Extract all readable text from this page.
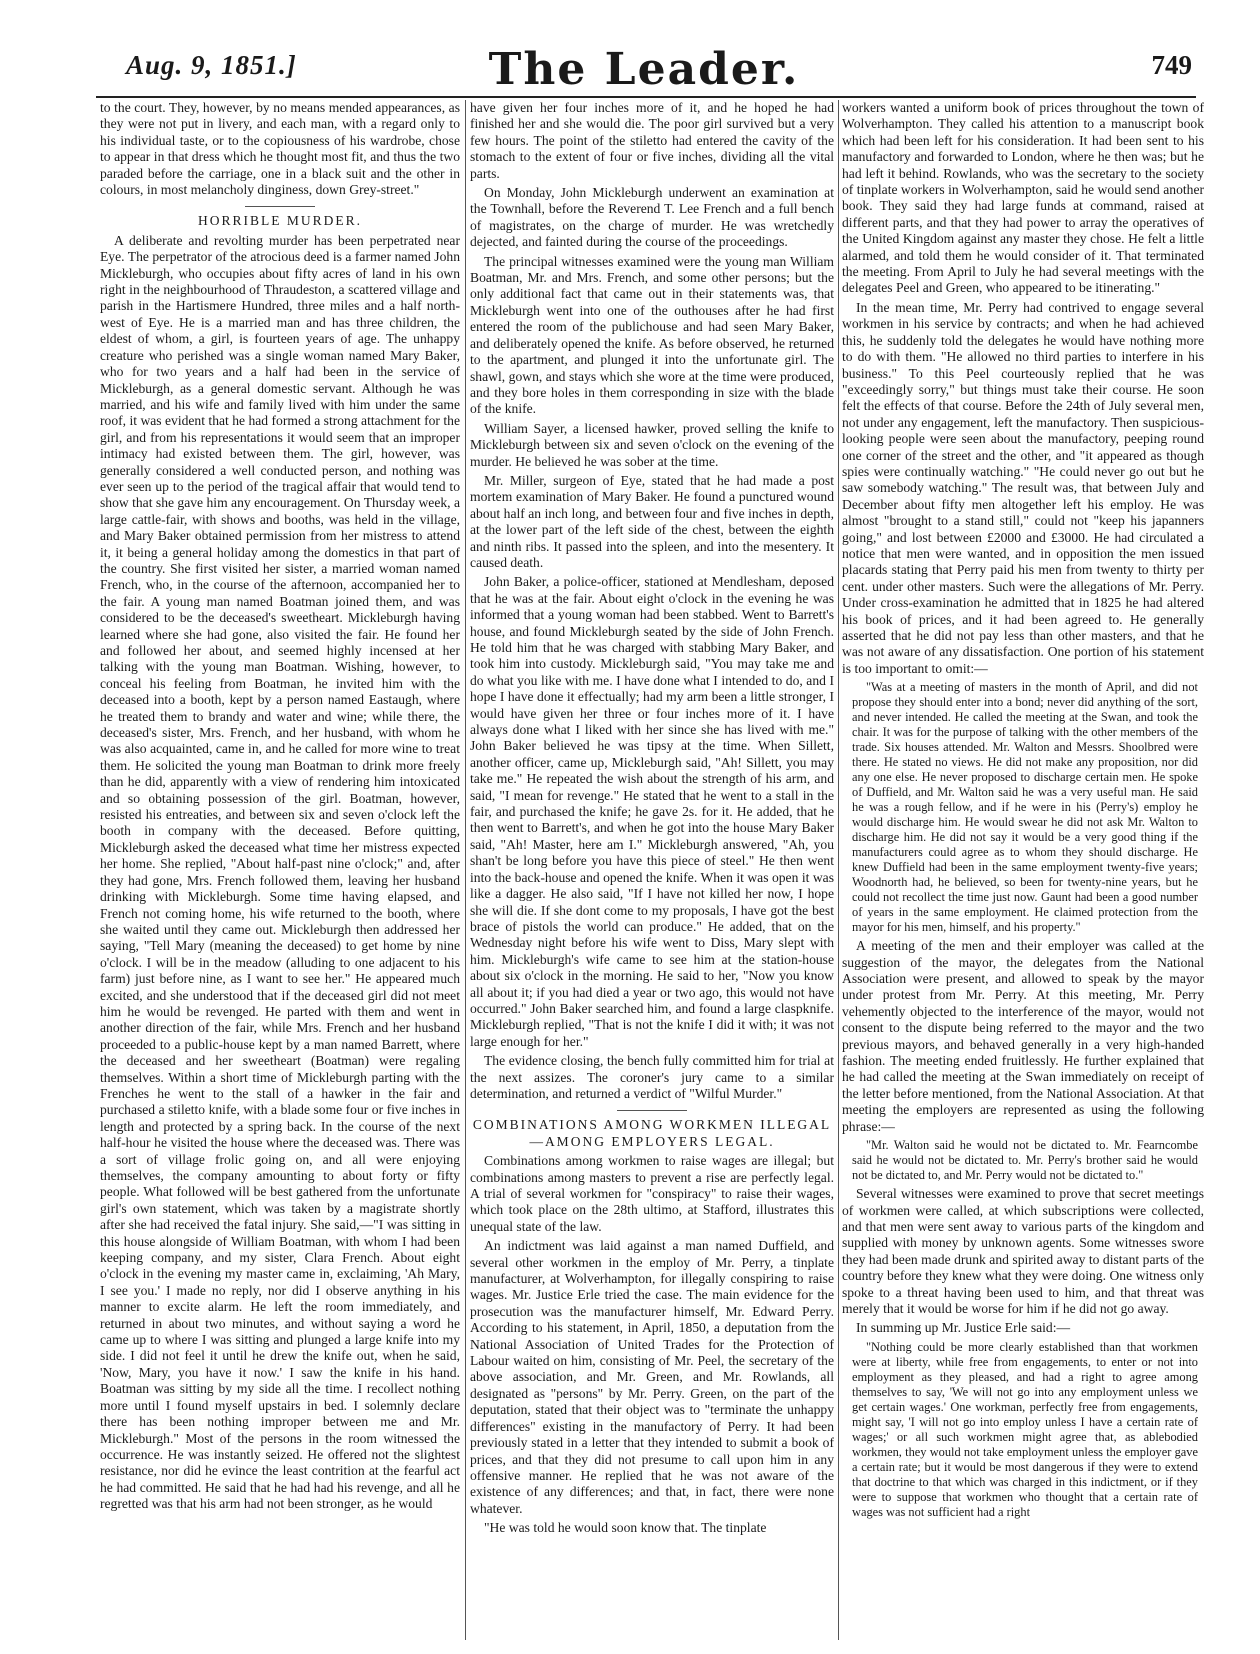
Aug. 9, 1851.]	The Leader.	749

to the court. They, however, by no means mended appearances, as they were not put in livery, and each man, with a regard only to his individual taste, or to the copiousness of his wardrobe, chose to appear in that dress which he thought most fit, and thus the two paraded before the carriage, one in a black suit and the other in colours, in most melancholy dinginess, down Grey-street."

HORRIBLE MURDER.

A deliberate and revolting murder has been perpetrated near Eye. The perpetrator of the atrocious deed is a farmer named John Mickleburgh, who occupies about fifty acres of land in his own right in the neighbourhood of Thraudeston, a scattered village and parish in the Hartismere Hundred, three miles and a half north-west of Eye. He is a married man and has three children, the eldest of whom, a girl, is fourteen years of age. The unhappy creature who perished was a single woman named Mary Baker, who for two years and a half had been in the service of Mickleburgh, as a general domestic servant. Although he was married, and his wife and family lived with him under the same roof, it was evident that he had formed a strong attachment for the girl, and from his representations it would seem that an improper intimacy had existed between them. The girl, however, was generally considered a well conducted person, and nothing was ever seen up to the period of the tragical affair that would tend to show that she gave him any encouragement. On Thursday week, a large cattle-fair, with shows and booths, was held in the village, and Mary Baker obtained permission from her mistress to attend it, it being a general holiday among the domestics in that part of the country. She first visited her sister, a married woman named French, who, in the course of the afternoon, accompanied her to the fair. A young man named Boatman joined them, and was considered to be the deceased's sweetheart. Mickleburgh having learned where she had gone, also visited the fair. He found her and followed her about, and seemed highly incensed at her talking with the young man Boatman. Wishing, however, to conceal his feeling from Boatman, he invited him with the deceased into a booth, kept by a person named Eastaugh, where he treated them to brandy and water and wine; while there, the deceased's sister, Mrs. French, and her husband, with whom he was also acquainted, came in, and he called for more wine to treat them. He solicited the young man Boatman to drink more freely than he did, apparently with a view of rendering him intoxicated and so obtaining possession of the girl. Boatman, however, resisted his entreaties, and between six and seven o'clock left the booth in company with the deceased. Before quitting, Mickleburgh asked the deceased what time her mistress expected her home. She replied, "About half-past nine o'clock;" and, after they had gone, Mrs. French followed them, leaving her husband drinking with Mickleburgh. Some time having elapsed, and French not coming home, his wife returned to the booth, where she waited until they came out. Mickleburgh then addressed her saying, "Tell Mary (meaning the deceased) to get home by nine o'clock. I will be in the meadow (alluding to one adjacent to his farm) just before nine, as I want to see her." He appeared much excited, and she understood that if the deceased girl did not meet him he would be revenged. He parted with them and went in another direction of the fair, while Mrs. French and her husband proceeded to a public-house kept by a man named Barrett, where the deceased and her sweetheart (Boatman) were regaling themselves. Within a short time of Mickleburgh parting with the Frenches he went to the stall of a hawker in the fair and purchased a stiletto knife, with a blade some four or five inches in length and protected by a spring back. In the course of the next half-hour he visited the house where the deceased was. There was a sort of village frolic going on, and all were enjoying themselves, the company amounting to about forty or fifty people. What followed will be best gathered from the unfortunate girl's own statement, which was taken by a magistrate shortly after she had received the fatal injury. She said,—"I was sitting in this house alongside of William Boatman, with whom I had been keeping company, and my sister, Clara French. About eight o'clock in the evening my master came in, exclaiming, 'Ah Mary, I see you.' I made no reply, nor did I observe anything in his manner to excite alarm. He left the room immediately, and returned in about two minutes, and without saying a word he came up to where I was sitting and plunged a large knife into my side. I did not feel it until he drew the knife out, when he said, 'Now, Mary, you have it now.' I saw the knife in his hand. Boatman was sitting by my side all the time. I recollect nothing more until I found myself upstairs in bed. I solemnly declare there has been nothing improper between me and Mr. Mickleburgh." Most of the persons in the room witnessed the occurrence. He was instantly seized. He offered not the slightest resistance, nor did he evince the least contrition at the fearful act he had committed. He said that he had had his revenge, and all he regretted was that his arm had not been stronger, as he would

have given her four inches more of it, and he hoped he had finished her and she would die. The poor girl survived but a very few hours. The point of the stiletto had entered the cavity of the stomach to the extent of four or five inches, dividing all the vital parts.

On Monday, John Mickleburgh underwent an examination at the Townhall, before the Reverend T. Lee French and a full bench of magistrates, on the charge of murder. He was wretchedly dejected, and fainted during the course of the proceedings.

The principal witnesses examined were the young man William Boatman, Mr. and Mrs. French, and some other persons; but the only additional fact that came out in their statements was, that Mickleburgh went into one of the outhouses after he had first entered the room of the publichouse and had seen Mary Baker, and deliberately opened the knife. As before observed, he returned to the apartment, and plunged it into the unfortunate girl. The shawl, gown, and stays which she wore at the time were produced, and they bore holes in them corresponding in size with the blade of the knife.

William Sayer, a licensed hawker, proved selling the knife to Mickleburgh between six and seven o'clock on the evening of the murder. He believed he was sober at the time.

Mr. Miller, surgeon of Eye, stated that he had made a post mortem examination of Mary Baker. He found a punctured wound about half an inch long, and between four and five inches in depth, at the lower part of the left side of the chest, between the eighth and ninth ribs. It passed into the spleen, and into the mesentery. It caused death.

John Baker, a police-officer, stationed at Mendlesham, deposed that he was at the fair. About eight o'clock in the evening he was informed that a young woman had been stabbed. Went to Barrett's house, and found Mickleburgh seated by the side of John French. He told him that he was charged with stabbing Mary Baker, and took him into custody. Mickleburgh said, "You may take me and do what you like with me. I have done what I intended to do, and I hope I have done it effectually; had my arm been a little stronger, I would have given her three or four inches more of it. I have always done what I liked with her since she has lived with me." John Baker believed he was tipsy at the time. When Sillett, another officer, came up, Mickleburgh said, "Ah! Sillett, you may take me." He repeated the wish about the strength of his arm, and said, "I mean for revenge." He stated that he went to a stall in the fair, and purchased the knife; he gave 2s. for it. He added, that he then went to Barrett's, and when he got into the house Mary Baker said, "Ah! Master, here am I." Mickleburgh answered, "Ah, you shan't be long before you have this piece of steel." He then went into the back-house and opened the knife. When it was open it was like a dagger. He also said, "If I have not killed her now, I hope she will die. If she dont come to my proposals, I have got the best brace of pistols the world can produce." He added, that on the Wednesday night before his wife went to Diss, Mary slept with him. Mickleburgh's wife came to see him at the station-house about six o'clock in the morning. He said to her, "Now you know all about it; if you had died a year or two ago, this would not have occurred." John Baker searched him, and found a large claspknife. Mickleburgh replied, "That is not the knife I did it with; it was not large enough for her."

The evidence closing, the bench fully committed him for trial at the next assizes. The coroner's jury came to a similar determination, and returned a verdict of "Wilful Murder."

COMBINATIONS AMONG WORKMEN ILLEGAL —AMONG EMPLOYERS LEGAL.

Combinations among workmen to raise wages are illegal; but combinations among masters to prevent a rise are perfectly legal. A trial of several workmen for "conspiracy" to raise their wages, which took place on the 28th ultimo, at Stafford, illustrates this unequal state of the law.

An indictment was laid against a man named Duffield, and several other workmen in the employ of Mr. Perry, a tinplate manufacturer, at Wolverhampton, for illegally conspiring to raise wages. Mr. Justice Erle tried the case. The main evidence for the prosecution was the manufacturer himself, Mr. Edward Perry. According to his statement, in April, 1850, a deputation from the National Association of United Trades for the Protection of Labour waited on him, consisting of Mr. Peel, the secretary of the above association, and Mr. Green, and Mr. Rowlands, all designated as "persons" by Mr. Perry. Green, on the part of the deputation, stated that their object was to "terminate the unhappy differences" existing in the manufactory of Perry. It had been previously stated in a letter that they intended to submit a book of prices, and that they did not presume to call upon him in any offensive manner. He replied that he was not aware of the existence of any differences; and that, in fact, there were none whatever.

"He was told he would soon know that. The tinplate

workers wanted a uniform book of prices throughout the town of Wolverhampton. They called his attention to a manuscript book which had been left for his consideration. It had been sent to his manufactory and forwarded to London, where he then was; but he had left it behind. Rowlands, who was the secretary to the society of tinplate workers in Wolverhampton, said he would send another book. They said they had large funds at command, raised at different parts, and that they had power to array the operatives of the United Kingdom against any master they chose. He felt a little alarmed, and told them he would consider of it. That terminated the meeting. From April to July he had several meetings with the delegates Peel and Green, who appeared to be itinerating."

In the mean time, Mr. Perry had contrived to engage several workmen in his service by contracts; and when he had achieved this, he suddenly told the delegates he would have nothing more to do with them. "He allowed no third parties to interfere in his business." To this Peel courteously replied that he was "exceedingly sorry," but things must take their course. He soon felt the effects of that course. Before the 24th of July several men, not under any engagement, left the manufactory. Then suspicious-looking people were seen about the manufactory, peeping round one corner of the street and the other, and "it appeared as though spies were continually watching." "He could never go out but he saw somebody watching." The result was, that between July and December about fifty men altogether left his employ. He was almost "brought to a stand still," could not "keep his japanners going," and lost between £2000 and £3000. He had circulated a notice that men were wanted, and in opposition the men issued placards stating that Perry paid his men from twenty to thirty per cent. under other masters. Such were the allegations of Mr. Perry. Under cross-examination he admitted that in 1825 he had altered his book of prices, and it had been agreed to. He generally asserted that he did not pay less than other masters, and that he was not aware of any dissatisfaction. One portion of his statement is too important to omit:—

"Was at a meeting of masters in the month of April, and did not propose they should enter into a bond; never did anything of the sort, and never intended. He called the meeting at the Swan, and took the chair. It was for the purpose of talking with the other members of the trade. Six houses attended. Mr. Walton and Messrs. Shoolbred were there. He stated no views. He did not make any proposition, nor did any one else. He never proposed to discharge certain men. He spoke of Duffield, and Mr. Walton said he was a very useful man. He said he was a rough fellow, and if he were in his (Perry's) employ he would discharge him. He would swear he did not ask Mr. Walton to discharge him. He did not say it would be a very good thing if the manufacturers could agree as to whom they should discharge. He knew Duffield had been in the same employment twenty-five years; Woodnorth had, he believed, so been for twenty-nine years, but he could not recollect the time just now. Gaunt had been a good number of years in the same employment. He claimed protection from the mayor for his men, himself, and his property."

A meeting of the men and their employer was called at the suggestion of the mayor, the delegates from the National Association were present, and allowed to speak by the mayor under protest from Mr. Perry. At this meeting, Mr. Perry vehemently objected to the interference of the mayor, would not consent to the dispute being referred to the mayor and the two previous mayors, and behaved generally in a very high-handed fashion. The meeting ended fruitlessly. He further explained that he had called the meeting at the Swan immediately on receipt of the letter before mentioned, from the National Association. At that meeting the employers are represented as using the following phrase:—

"Mr. Walton said he would not be dictated to. Mr. Fearncombe said he would not be dictated to. Mr. Perry's brother said he would not be dictated to, and Mr. Perry would not be dictated to."

Several witnesses were examined to prove that secret meetings of workmen were called, at which subscriptions were collected, and that men were sent away to various parts of the kingdom and supplied with money by unknown agents. Some witnesses swore they had been made drunk and spirited away to distant parts of the country before they knew what they were doing. One witness only spoke to a threat having been used to him, and that threat was merely that it would be worse for him if he did not go away.

In summing up Mr. Justice Erle said:—

"Nothing could be more clearly established than that workmen were at liberty, while free from engagements, to enter or not into employment as they pleased, and had a right to agree among themselves to say, 'We will not go into any employment unless we get certain wages.' One workman, perfectly free from engagements, might say, 'I will not go into employ unless I have a certain rate of wages;' or all such workmen might agree that, as ablebodied workmen, they would not take employment unless the employer gave a certain rate; but it would be most dangerous if they were to extend that doctrine to that which was charged in this indictment, or if they were to suppose that workmen who thought that a certain rate of wages was not sufficient had a right
